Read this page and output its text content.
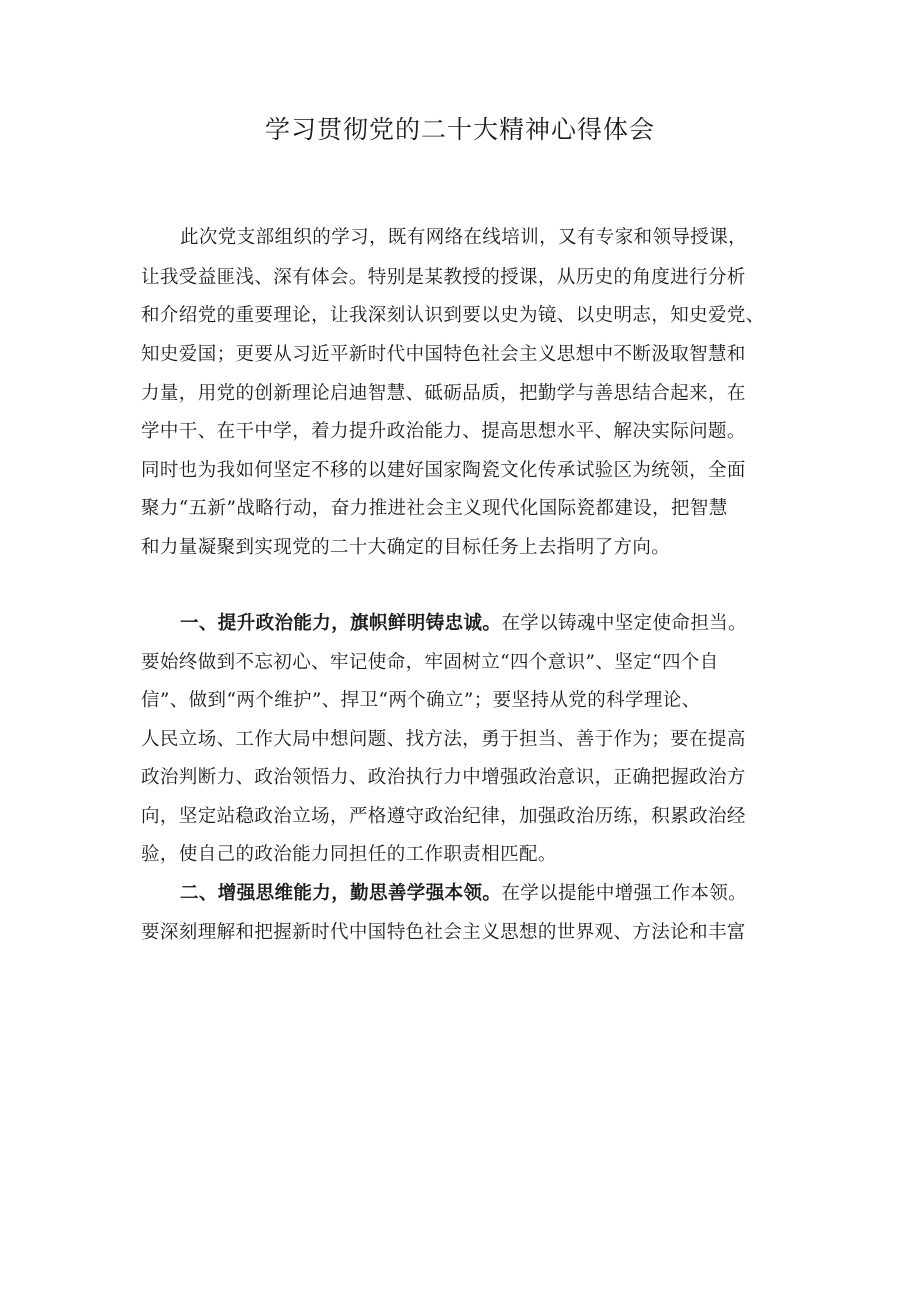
学习贯彻党的二十大精神心得体会
此次党支部组织的学习，既有网络在线培训，又有专家和领导授课，
让我受益匪浅、深有体会。特别是某教授的授课，从历史的角度进行分析
和介绍党的重要理论，让我深刻认识到要以史为镜、以史明志，知史爱党、
知史爱国；更要从习近平新时代中国特色社会主义思想中不断汲取智慧和
力量，用党的创新理论启迪智慧、砥砺品质，把勤学与善思结合起来，在
学中干、在干中学，着力提升政治能力、提高思想水平、解决实际问题。
同时也为我如何坚定不移的以建好国家陶瓷文化传承试验区为统领，全面
聚力“五新”战略行动，奋力推进社会主义现代化国际瓷都建设，把智慧
和力量凝聚到实现党的二十大确定的目标任务上去指明了方向。
一、提升政治能力，旗帜鲜明铸忠诚。在学以铸魂中坚定使命担当。
要始终做到不忘初心、牢记使命，牢固树立“四个意识”、坚定“四个自
信”、做到“两个维护”、捍卫“两个确立”；要坚持从党的科学理论、
人民立场、工作大局中想问题、找方法，勇于担当、善于作为；要在提高
政治判断力、政治领悟力、政治执行力中增强政治意识，正确把握政治方
向，坚定站稳政治立场，严格遵守政治纪律，加强政治历练，积累政治经
验，使自己的政治能力同担任的工作职责相匹配。
二、增强思维能力，勤思善学强本领。在学以提能中增强工作本领。
要深刻理解和把握新时代中国特色社会主义思想的世界观、方法论和丰富
